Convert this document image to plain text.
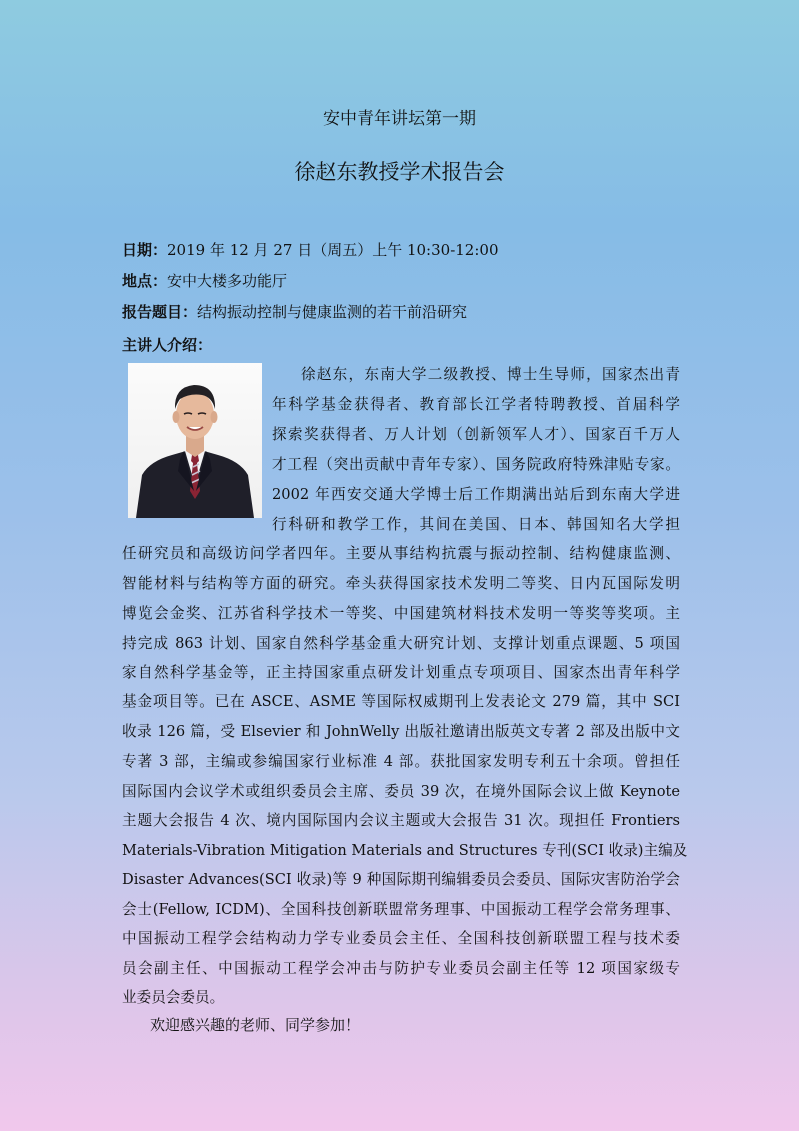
安中青年讲坛第一期
徐赵东教授学术报告会
日期：2019 年 12 月 27 日（周五）上午 10:30-12:00
地点：安中大楼多功能厅
报告题目：结构振动控制与健康监测的若干前沿研究
主讲人介绍：
徐赵东，东南大学二级教授、博士生导师，国家杰出青
年科学基金获得者、教育部长江学者特聘教授、首届科学
探索奖获得者、万人计划（创新领军人才）、国家百千万人
才工程（突出贡献中青年专家）、国务院政府特殊津贴专家。
2002 年西安交通大学博士后工作期满出站后到东南大学进
行科研和教学工作，其间在美国、日本、韩国知名大学担
任研究员和高级访问学者四年。主要从事结构抗震与振动控制、结构健康监测、
智能材料与结构等方面的研究。牵头获得国家技术发明二等奖、日内瓦国际发明
博览会金奖、江苏省科学技术一等奖、中国建筑材料技术发明一等奖等奖项。主
持完成 863 计划、国家自然科学基金重大研究计划、支撑计划重点课题、5 项国
家自然科学基金等，正主持国家重点研发计划重点专项项目、国家杰出青年科学
基金项目等。已在 ASCE、ASME 等国际权威期刊上发表论文 279 篇，其中 SCI
收录 126 篇，受 Elsevier 和 JohnWelly 出版社邀请出版英文专著 2 部及出版中文
专著 3 部，主编或参编国家行业标准 4 部。获批国家发明专利五十余项。曾担任
国际国内会议学术或组织委员会主席、委员 39 次，在境外国际会议上做 Keynote
主题大会报告 4 次、境内国际国内会议主题或大会报告 31 次。现担任 Frontiers
Materials-Vibration Mitigation Materials and Structures 专刊(SCI 收录)主编及
Disaster Advances(SCI 收录)等 9 种国际期刊编辑委员会委员、国际灾害防治学会
会士(Fellow, ICDM)、全国科技创新联盟常务理事、中国振动工程学会常务理事、
中国振动工程学会结构动力学专业委员会主任、全国科技创新联盟工程与技术委
员会副主任、中国振动工程学会冲击与防护专业委员会副主任等 12 项国家级专
业委员会委员。
欢迎感兴趣的老师、同学参加！
